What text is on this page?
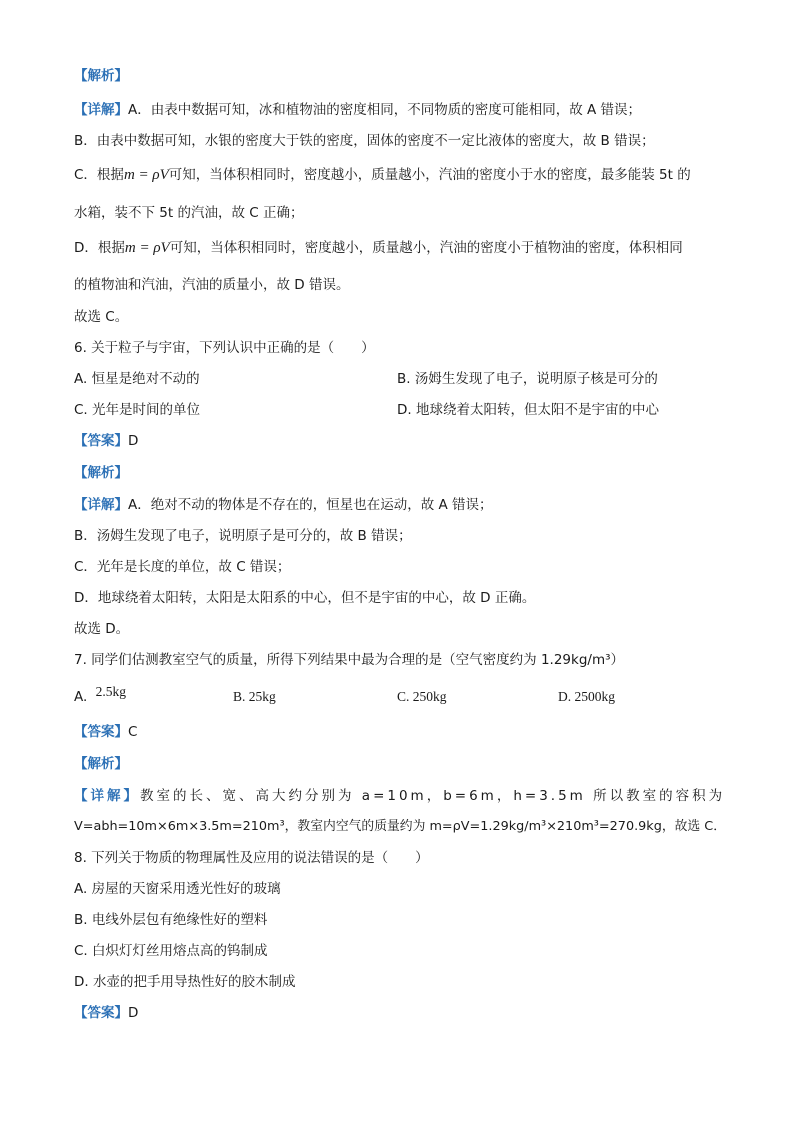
【解析】
【详解】A．由表中数据可知，冰和植物油的密度相同，不同物质的密度可能相同，故 A 错误；
B．由表中数据可知，水银的密度大于铁的密度，固体的密度不一定比液体的密度大，故 B 错误；
C．根据m = ρV可知，当体积相同时，密度越小，质量越小，汽油的密度小于水的密度，最多能装 5t 的
水箱，装不下 5t 的汽油，故 C 正确；
D．根据m = ρV可知，当体积相同时，密度越小，质量越小，汽油的密度小于植物油的密度，体积相同
的植物油和汽油，汽油的质量小，故 D 错误。
故选 C。
6. 关于粒子与宇宙，下列认识中正确的是（　　）
A. 恒星是绝对不动的	B. 汤姆生发现了电子，说明原子核是可分的
C. 光年是时间的单位	D. 地球绕着太阳转，但太阳不是宇宙的中心
【答案】D
【解析】
【详解】A．绝对不动的物体是不存在的，恒星也在运动，故 A 错误；
B．汤姆生发现了电子，说明原子是可分的，故 B 错误；
C．光年是长度的单位，故 C 错误；
D．地球绕着太阳转，太阳是太阳系的中心，但不是宇宙的中心，故 D 正确。
故选 D。
7. 同学们估测教室空气的质量，所得下列结果中最为合理的是（空气密度约为 1.29kg/m³）
A. 2.5kg	B. 25kg	C. 250kg	D. 2500kg
【答案】C
【解析】
【详解】教室的长、宽、高大约分别为 a=10m，b=6m，h=3.5m 所以教室的容积为
V=abh=10m×6m×3.5m=210m³，教室内空气的质量约为 m=ρV=1.29kg/m³×210m³=270.9kg，故选 C．
8. 下列关于物质的物理属性及应用的说法错误的是（　　）
A. 房屋的天窗采用透光性好的玻璃
B. 电线外层包有绝缘性好的塑料
C. 白炽灯灯丝用熔点高的钨制成
D. 水壶的把手用导热性好的胶木制成
【答案】D
